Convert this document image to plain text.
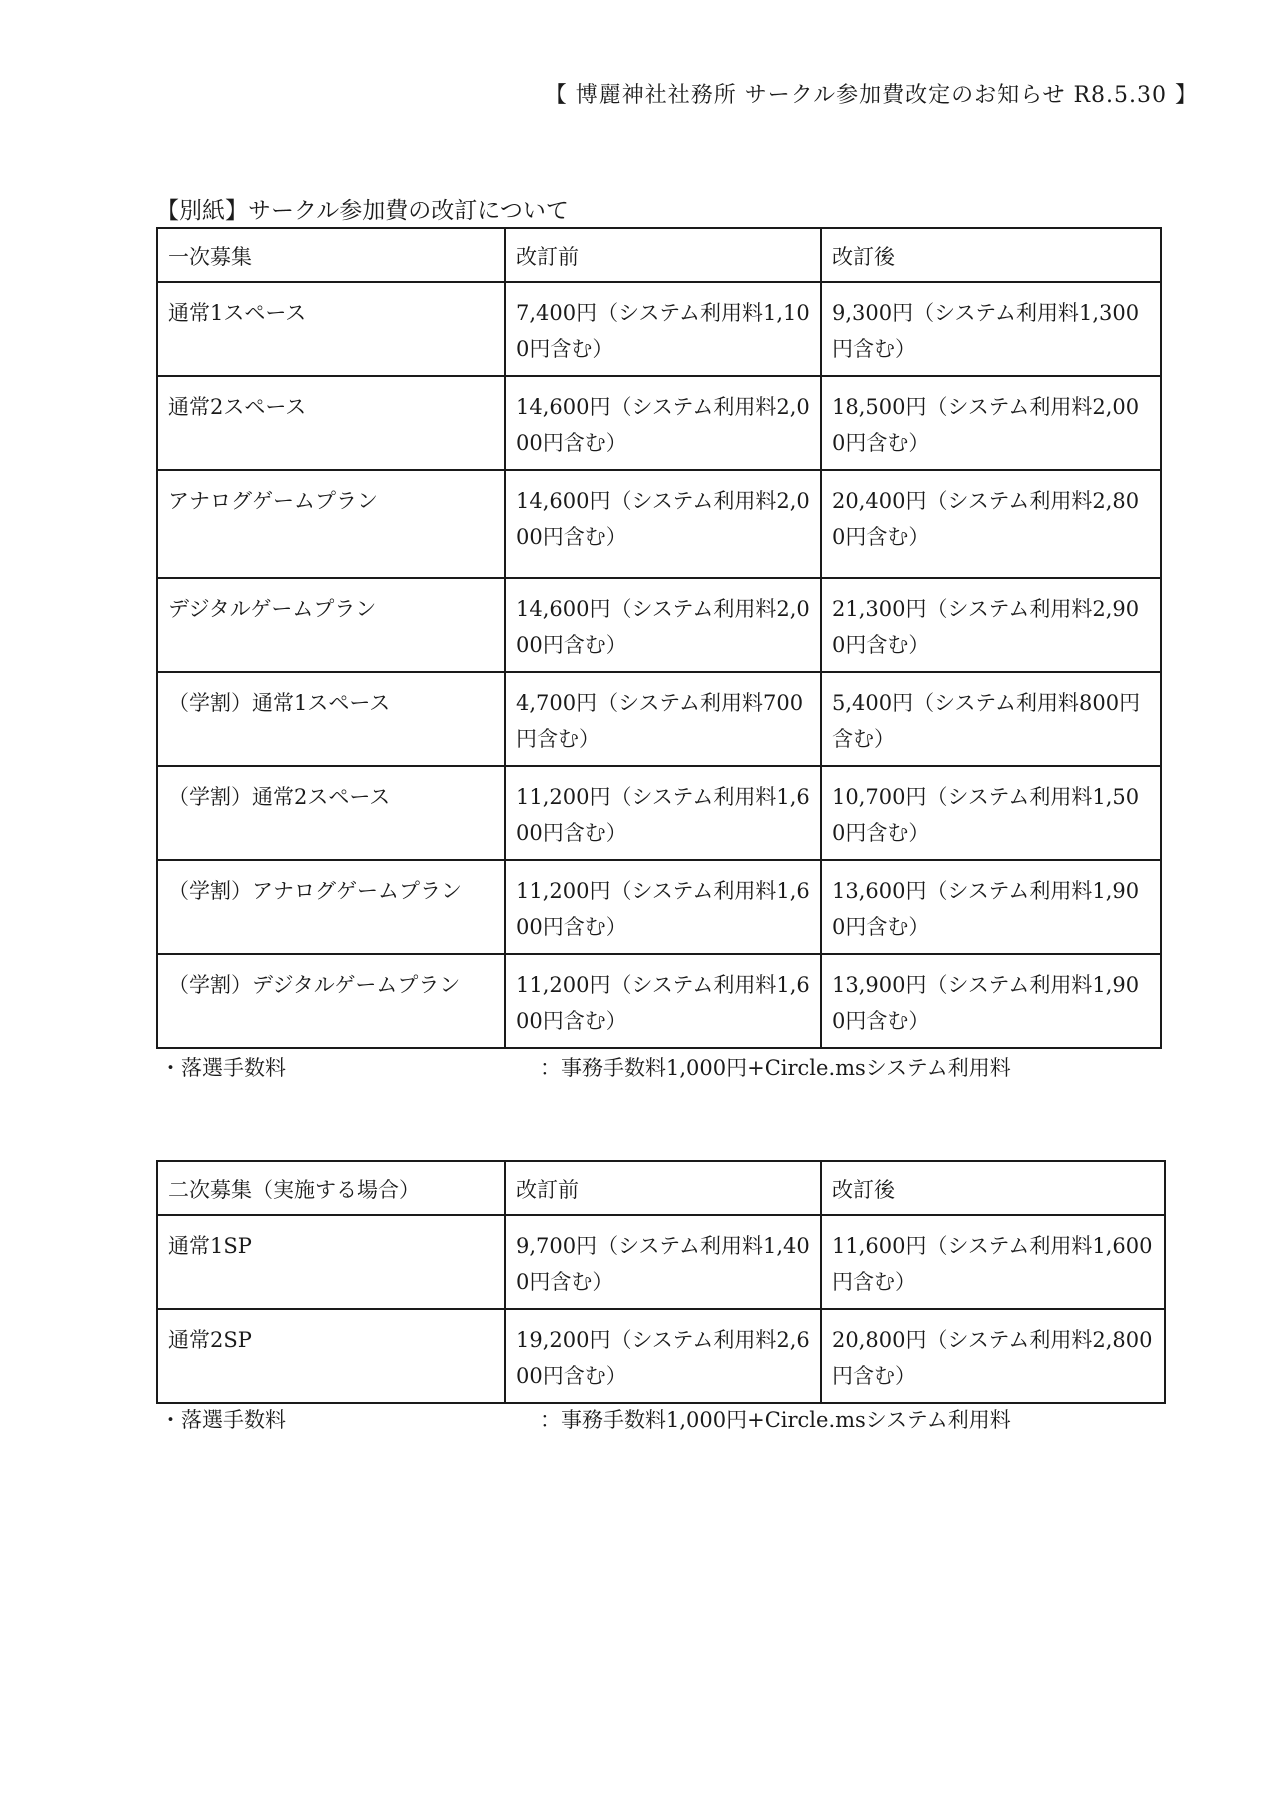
【 博麗神社社務所 サークル参加費改定のお知らせ R8.5.30 】
【別紙】サークル参加費の改訂について
一次募集	改訂前	改訂後
通常1スペース	7,400円（システム利用料1,100円含む）	9,300円（システム利用料1,300円含む）
通常2スペース	14,600円（システム利用料2,000円含む）	18,500円（システム利用料2,000円含む）
アナログゲームプラン	14,600円（システム利用料2,000円含む）	20,400円（システム利用料2,800円含む）
デジタルゲームプラン	14,600円（システム利用料2,000円含む）	21,300円（システム利用料2,900円含む）
（学割）通常1スペース	4,700円（システム利用料700円含む）	5,400円（システム利用料800円含む）
（学割）通常2スペース	11,200円（システム利用料1,600円含む）	10,700円（システム利用料1,500円含む）
（学割）アナログゲームプラン	11,200円（システム利用料1,600円含む）	13,600円（システム利用料1,900円含む）
（学割）デジタルゲームプラン	11,200円（システム利用料1,600円含む）	13,900円（システム利用料1,900円含む）
・落選手数料	：事務手数料1,000円+Circle.msシステム利用料
二次募集（実施する場合）	改訂前	改訂後
通常1SP	9,700円（システム利用料1,400円含む）	11,600円（システム利用料1,600円含む）
通常2SP	19,200円（システム利用料2,600円含む）	20,800円（システム利用料2,800円含む）
・落選手数料	：事務手数料1,000円+Circle.msシステム利用料
